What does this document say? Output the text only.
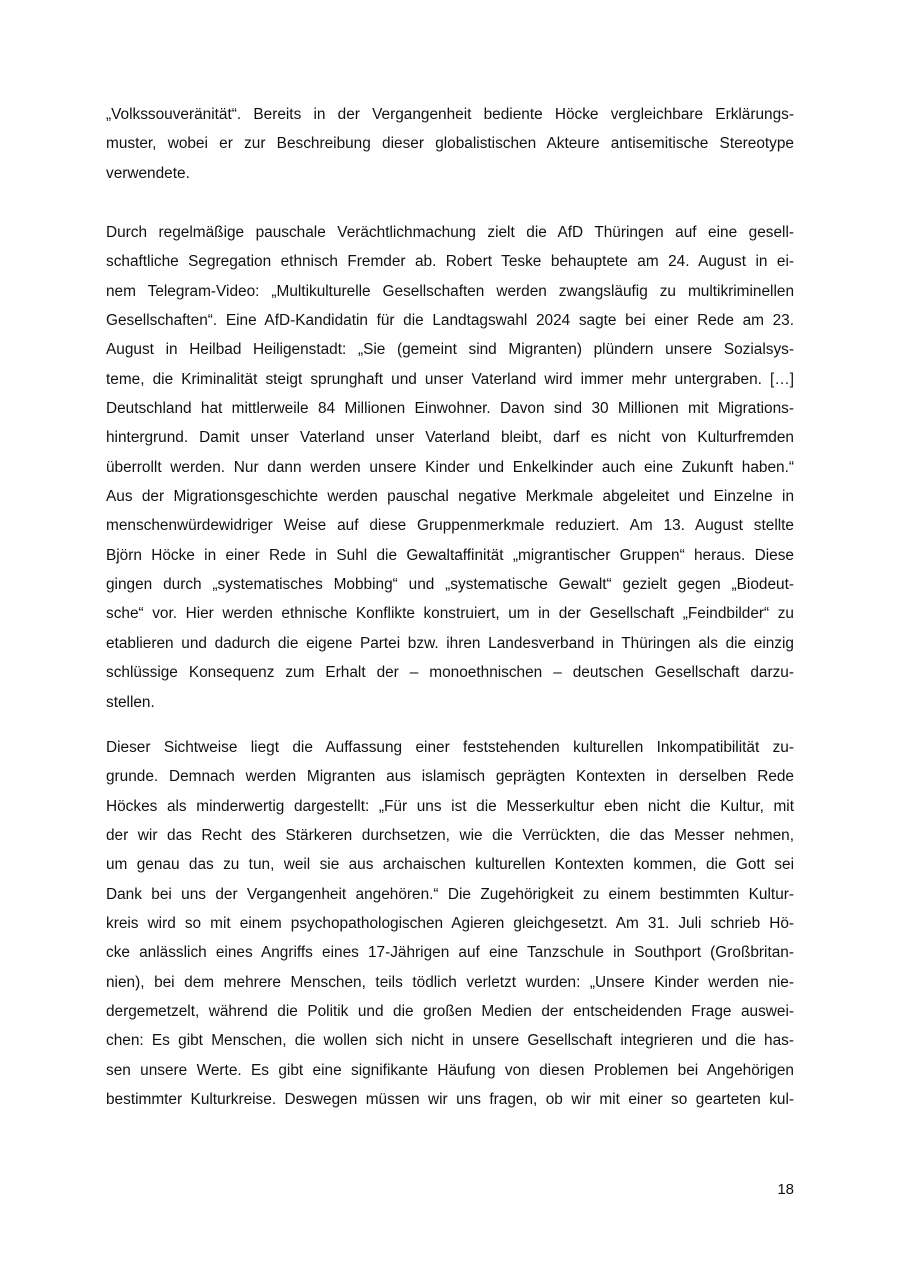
„Volkssouveränität“. Bereits in der Vergangenheit bediente Höcke vergleichbare Erklärungs-
muster, wobei er zur Beschreibung dieser globalistischen Akteure antisemitische Stereotype
verwendete.

Durch regelmäßige pauschale Verächtlichmachung zielt die AfD Thüringen auf eine gesell-
schaftliche Segregation ethnisch Fremder ab. Robert Teske behauptete am 24. August in ei-
nem Telegram-Video: „Multikulturelle Gesellschaften werden zwangsläufig zu multikriminellen
Gesellschaften“. Eine AfD-Kandidatin für die Landtagswahl 2024 sagte bei einer Rede am 23.
August in Heilbad Heiligenstadt: „Sie (gemeint sind Migranten) plündern unsere Sozialsys-
teme, die Kriminalität steigt sprunghaft und unser Vaterland wird immer mehr untergraben. […]
Deutschland hat mittlerweile 84 Millionen Einwohner. Davon sind 30 Millionen mit Migrations-
hintergrund. Damit unser Vaterland unser Vaterland bleibt, darf es nicht von Kulturfremden
überrollt werden. Nur dann werden unsere Kinder und Enkelkinder auch eine Zukunft haben.“
Aus der Migrationsgeschichte werden pauschal negative Merkmale abgeleitet und Einzelne in
menschenwürdewidriger Weise auf diese Gruppenmerkmale reduziert. Am 13. August stellte
Björn Höcke in einer Rede in Suhl die Gewaltaffinität „migrantischer Gruppen“ heraus. Diese
gingen durch „systematisches Mobbing“ und „systematische Gewalt“ gezielt gegen „Biodeut-
sche“ vor. Hier werden ethnische Konflikte konstruiert, um in der Gesellschaft „Feindbilder“ zu
etablieren und dadurch die eigene Partei bzw. ihren Landesverband in Thüringen als die einzig
schlüssige Konsequenz zum Erhalt der – monoethnischen – deutschen Gesellschaft darzu-
stellen.

Dieser Sichtweise liegt die Auffassung einer feststehenden kulturellen Inkompatibilität zu-
grunde. Demnach werden Migranten aus islamisch geprägten Kontexten in derselben Rede
Höckes als minderwertig dargestellt: „Für uns ist die Messerkultur eben nicht die Kultur, mit
der wir das Recht des Stärkeren durchsetzen, wie die Verrückten, die das Messer nehmen,
um genau das zu tun, weil sie aus archaischen kulturellen Kontexten kommen, die Gott sei
Dank bei uns der Vergangenheit angehören.“ Die Zugehörigkeit zu einem bestimmten Kultur-
kreis wird so mit einem psychopathologischen Agieren gleichgesetzt. Am 31. Juli schrieb Hö-
cke anlässlich eines Angriffs eines 17-Jährigen auf eine Tanzschule in Southport (Großbritan-
nien), bei dem mehrere Menschen, teils tödlich verletzt wurden: „Unsere Kinder werden nie-
dergemetzelt, während die Politik und die großen Medien der entscheidenden Frage auswei-
chen: Es gibt Menschen, die wollen sich nicht in unsere Gesellschaft integrieren und die has-
sen unsere Werte. Es gibt eine signifikante Häufung von diesen Problemen bei Angehörigen
bestimmter Kulturkreise. Deswegen müssen wir uns fragen, ob wir mit einer so gearteten kul-

18
